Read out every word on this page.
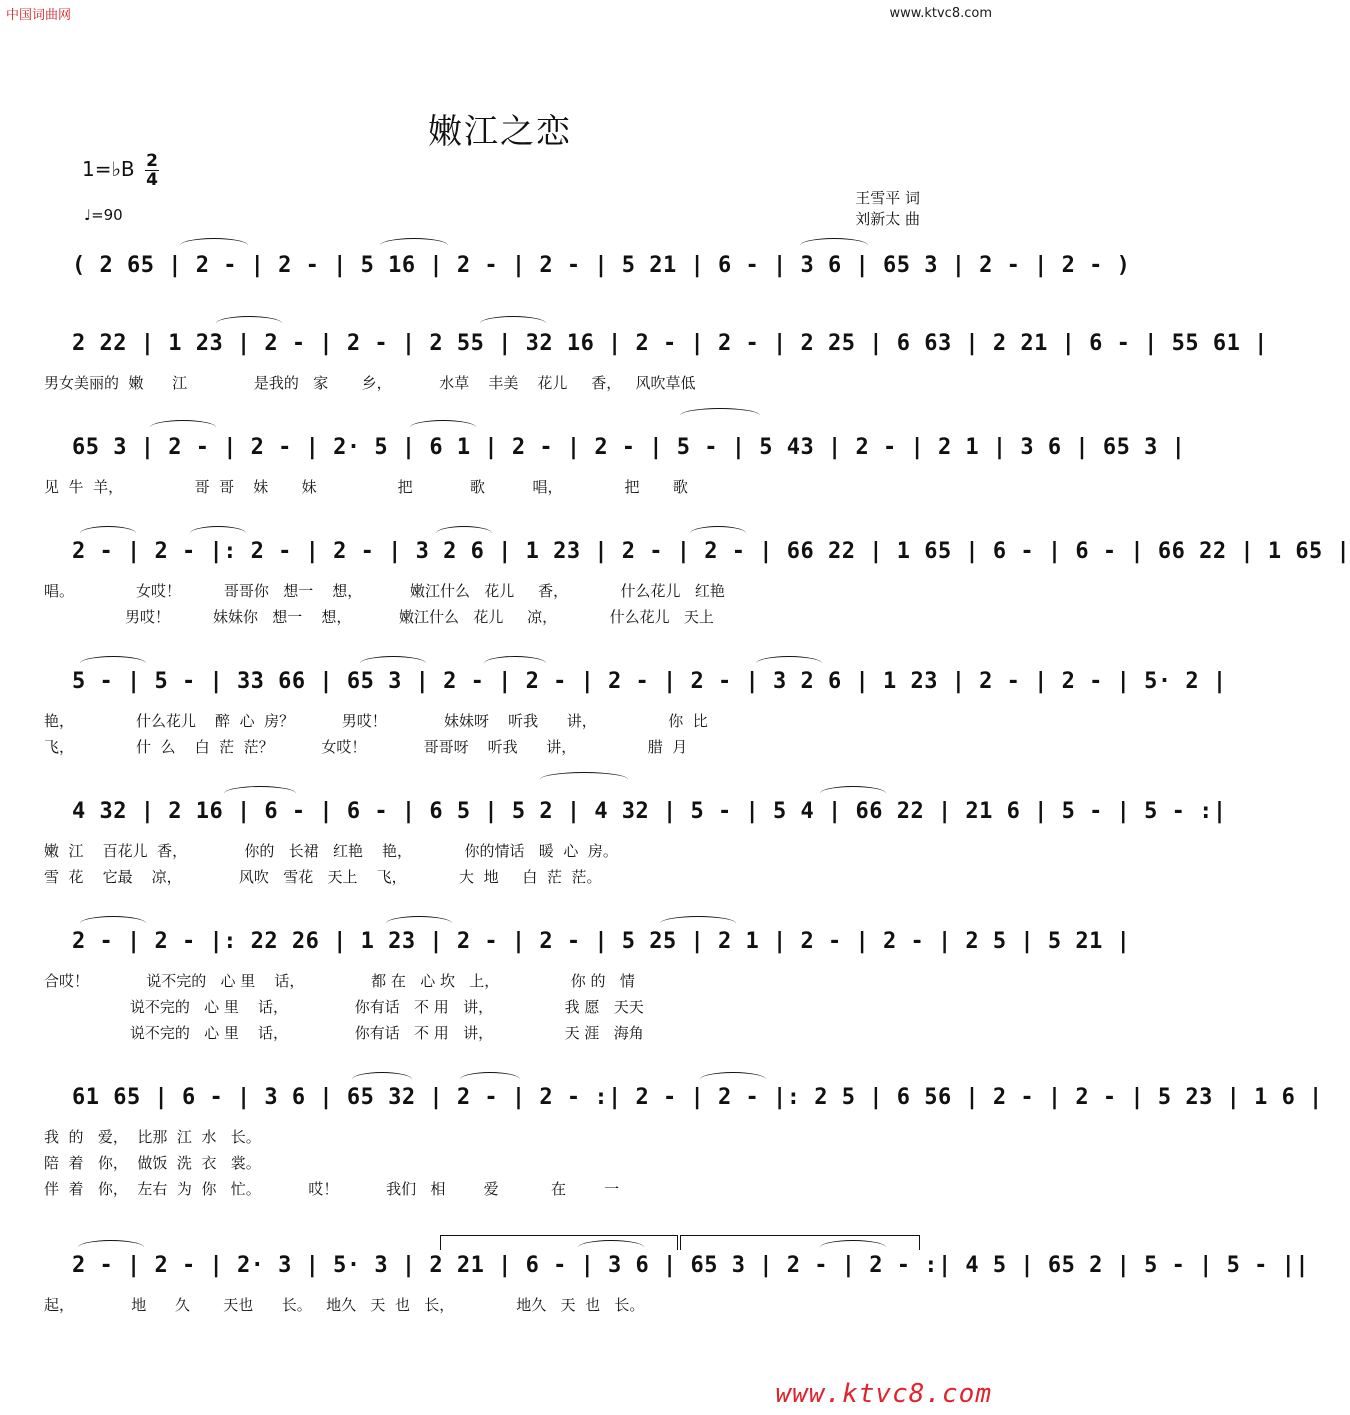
中国词曲网	www.ktvc8.com
嫩江之恋
1=♭B $\frac{2}{4}$
♩=90
王雪平 词
刘新太 曲
( 2 65 | 2 - | 2 - | 5 16 | 2 - | 2 - | 5 21 | 6 - | 3 6 | 65 3 | 2 - | 2 - )
2 22 | 1 23 | 2 - | 2 - | 2 55 | 32 16 | 2 - | 2 - | 2 25 | 6 63 | 2 21 | 6 - | 55 61 |
男女美丽的  嫩      江              是我的   家       乡，          水草    丰美    花儿     香，   风吹草低
65 3 | 2 - | 2 - | 2· 5 | 6 1 | 2 - | 2 - | 5 - | 5 43 | 2 - | 2 1 | 3 6 | 65 3 |
见  牛  羊，               哥  哥    妹       妹                 把            歌          唱，             把       歌
2 - | 2 - |: 2 - | 2 - | 3 2 6 | 1 23 | 2 - | 2 - | 66 22 | 1 65 | 6 - | 6 - | 66 22 | 1 65 |
唱。             女哎！         哥哥你   想一    想，          嫩江什么   花儿     香，           什么花儿   红艳
男哎！         妹妹你   想一    想，          嫩江什么   花儿     凉，           什么花儿   天上
5 - | 5 - | 33 66 | 65 3 | 2 - | 2 - | 2 - | 2 - | 3 2 6 | 1 23 | 2 - | 2 - | 5· 2 |
艳，             什么花儿    醉  心  房？          男哎！            妹妹呀    听我      讲，               你  比
飞，             什  么    白  茫  茫？          女哎！            哥哥呀    听我      讲，               腊  月
4 32 | 2 16 | 6 - | 6 - | 6 5 | 5 2 | 4 32 | 5 - | 5 4 | 66 22 | 21 6 | 5 - | 5 - :|
嫩  江    百花儿  香，            你的   长裙   红艳    艳，           你的情话   暖  心  房。
雪  花    它最    凉，            风吹   雪花   天上    飞，           大  地     白  茫  茫。
2 - | 2 - |: 22 26 | 1 23 | 2 - | 2 - | 5 25 | 2 1 | 2 - | 2 - | 2 5 | 5 21 |
合哎！            说不完的   心 里    话，              都 在   心 坎   上，               你 的   情
说不完的   心 里    话，              你有话   不 用   讲，               我 愿   天天
说不完的   心 里    话，              你有话   不 用   讲，               天 涯   海角
61 65 | 6 - | 3 6 | 65 32 | 2 - | 2 - :| 2 - | 2 - |: 2 5 | 6 56 | 2 - | 2 - | 5 23 | 1 6 |
我  的   爱，  比那  江  水   长。
陪  着   你，  做饭  洗  衣   裳。
伴  着   你，  左右  为  你   忙。          哎！          我们   相        爱           在        一
2 - | 2 - | 2· 3 | 5· 3 | 2 21 | 6 - | 3 6 | 65 3 | 2 - | 2 - :| 4 5 | 65 2 | 5 - | 5 - ||
起，            地      久       天也      长。   地久   天  也   长，             地久   天  也   长。
www.ktvc8.com
